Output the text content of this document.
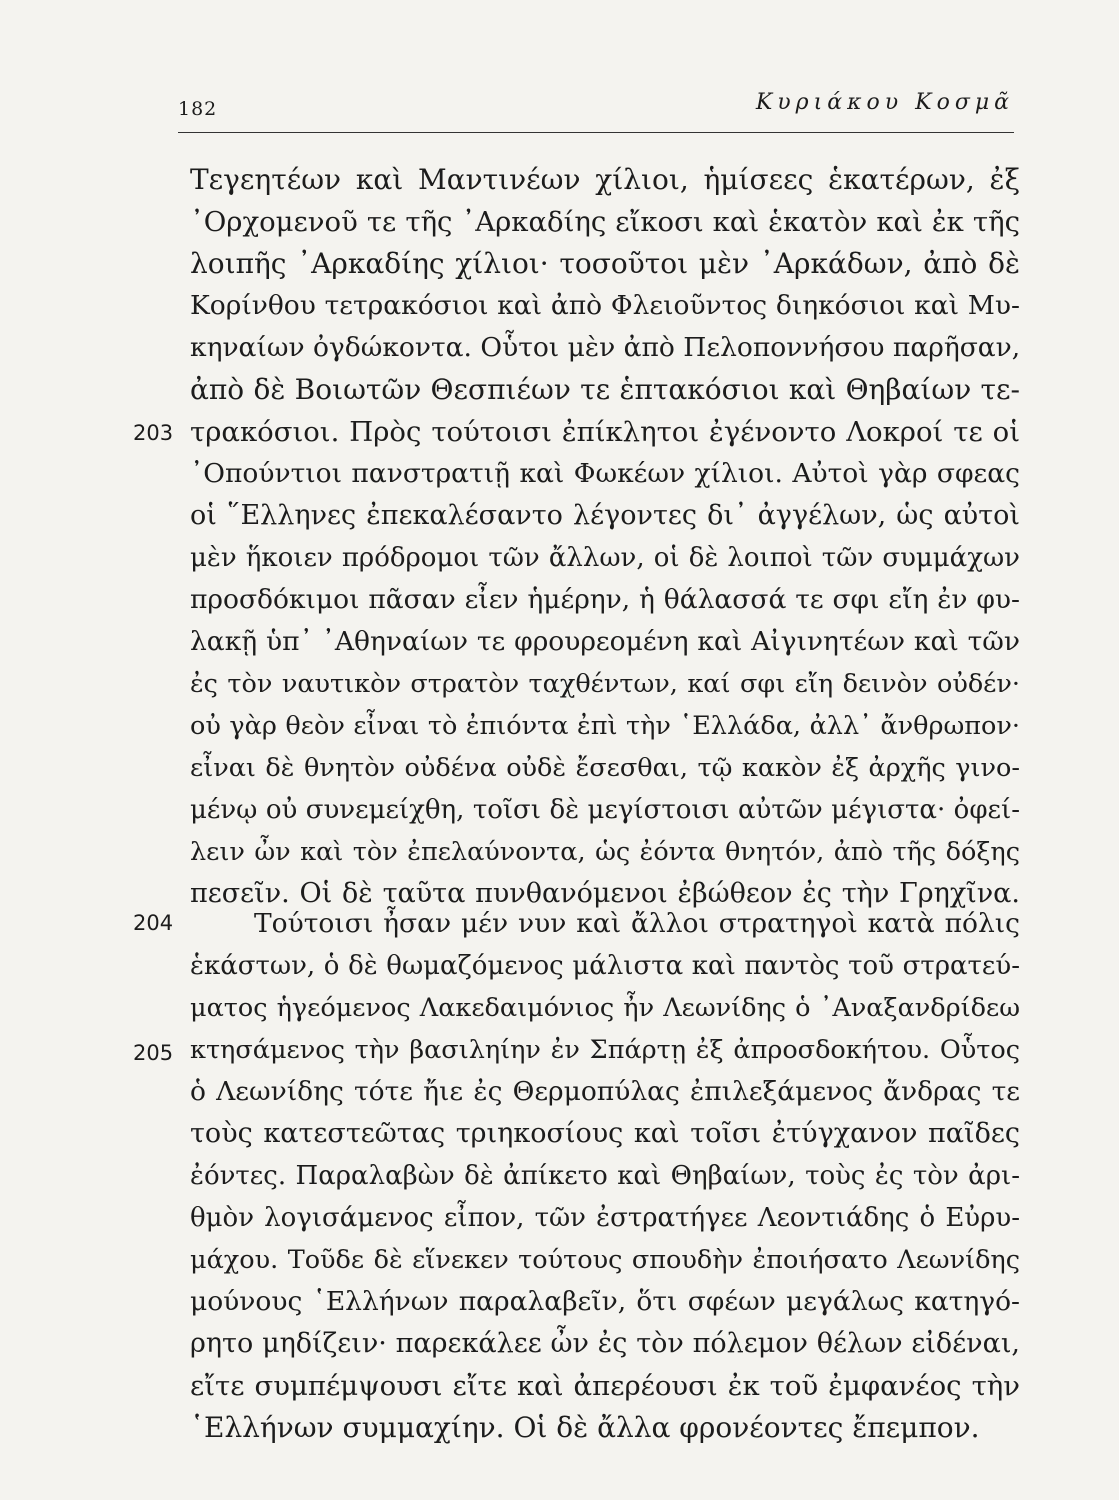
182	Κυριάκου Κοσμᾶ
203
204
205
Τεγεητέων καὶ Μαντινέων χίλιοι, ἡμίσεες ἑκατέρων, ἐξ
᾿Ορχομενοῦ τε τῆς ᾿Αρκαδίης εἴκοσι καὶ ἑκατὸν καὶ ἐκ τῆς
λοιπῆς ᾿Αρκαδίης χίλιοι· τοσοῦτοι μὲν ᾿Αρκάδων, ἀπὸ δὲ
Κορίνθου τετρακόσιοι καὶ ἀπὸ Φλειοῦντος διηκόσιοι καὶ Μυ-
κηναίων ὀγδώκοντα. Οὗτοι μὲν ἀπὸ Πελοποννήσου παρῆσαν,
ἀπὸ δὲ Βοιωτῶν Θεσπιέων τε ἑπτακόσιοι καὶ Θηβαίων τε-
τρακόσιοι. Πρὸς τούτοισι ἐπίκλητοι ἐγένοντο Λοκροί τε οἱ
᾿Οπούντιοι πανστρατιῇ καὶ Φωκέων χίλιοι. Αὐτοὶ γὰρ σφεας
οἱ ῞Ελληνες ἐπεκαλέσαντο λέγοντες δι᾿ ἀγγέλων, ὡς αὐτοὶ
μὲν ἥκοιεν πρόδρομοι τῶν ἄλλων, οἱ δὲ λοιποὶ τῶν συμμάχων
προσδόκιμοι πᾶσαν εἶεν ἡμέρην, ἡ θάλασσά τε σφι εἴη ἐν φυ-
λακῇ ὑπ᾿ ᾿Αθηναίων τε φρουρεομένη καὶ Αἰγινητέων καὶ τῶν
ἐς τὸν ναυτικὸν στρατὸν ταχθέντων, καί σφι εἴη δεινὸν οὐδέν·
οὐ γὰρ θεὸν εἶναι τὸ ἐπιόντα ἐπὶ τὴν ῾Ελλάδα, ἀλλ᾿ ἄνθρωπον·
εἶναι δὲ θνητὸν οὐδένα οὐδὲ ἔσεσθαι, τῷ κακὸν ἐξ ἀρχῆς γινο-
μένῳ οὐ συνεμείχθη, τοῖσι δὲ μεγίστοισι αὐτῶν μέγιστα· ὀφεί-
λειν ὦν καὶ τὸν ἐπελαύνοντα, ὡς ἐόντα θνητόν, ἀπὸ τῆς δόξης
πεσεῖν. Οἱ δὲ ταῦτα πυνθανόμενοι ἐβώθεον ἐς τὴν Γρηχῖνα.
Τούτοισι ἦσαν μέν νυν καὶ ἄλλοι στρατηγοὶ κατὰ πόλις
ἑκάστων, ὁ δὲ θωμαζόμενος μάλιστα καὶ παντὸς τοῦ στρατεύ-
ματος ἡγεόμενος Λακεδαιμόνιος ἦν Λεωνίδης ὁ ᾿Αναξανδρίδεω
κτησάμενος τὴν βασιληίην ἐν Σπάρτῃ ἐξ ἀπροσδοκήτου. Οὗτος
ὁ Λεωνίδης τότε ἤιε ἐς Θερμοπύλας ἐπιλεξάμενος ἄνδρας τε
τοὺς κατεστεῶτας τριηκοσίους καὶ τοῖσι ἐτύγχανον παῖδες
ἐόντες. Παραλαβὼν δὲ ἀπίκετο καὶ Θηβαίων, τοὺς ἐς τὸν ἀρι-
θμὸν λογισάμενος εἶπον, τῶν ἐστρατήγεε Λεοντιάδης ὁ Εὐρυ-
μάχου. Τοῦδε δὲ εἵνεκεν τούτους σπουδὴν ἐποιήσατο Λεωνίδης
μούνους ῾Ελλήνων παραλαβεῖν, ὅτι σφέων μεγάλως κατηγό-
ρητο μηδίζειν· παρεκάλεε ὦν ἐς τὸν πόλεμον θέλων εἰδέναι,
εἴτε συμπέμψουσι εἴτε καὶ ἀπερέουσι ἐκ τοῦ ἐμφανέος τὴν
῾Ελλήνων συμμαχίην. Οἱ δὲ ἄλλα φρονέοντες ἔπεμπον.
